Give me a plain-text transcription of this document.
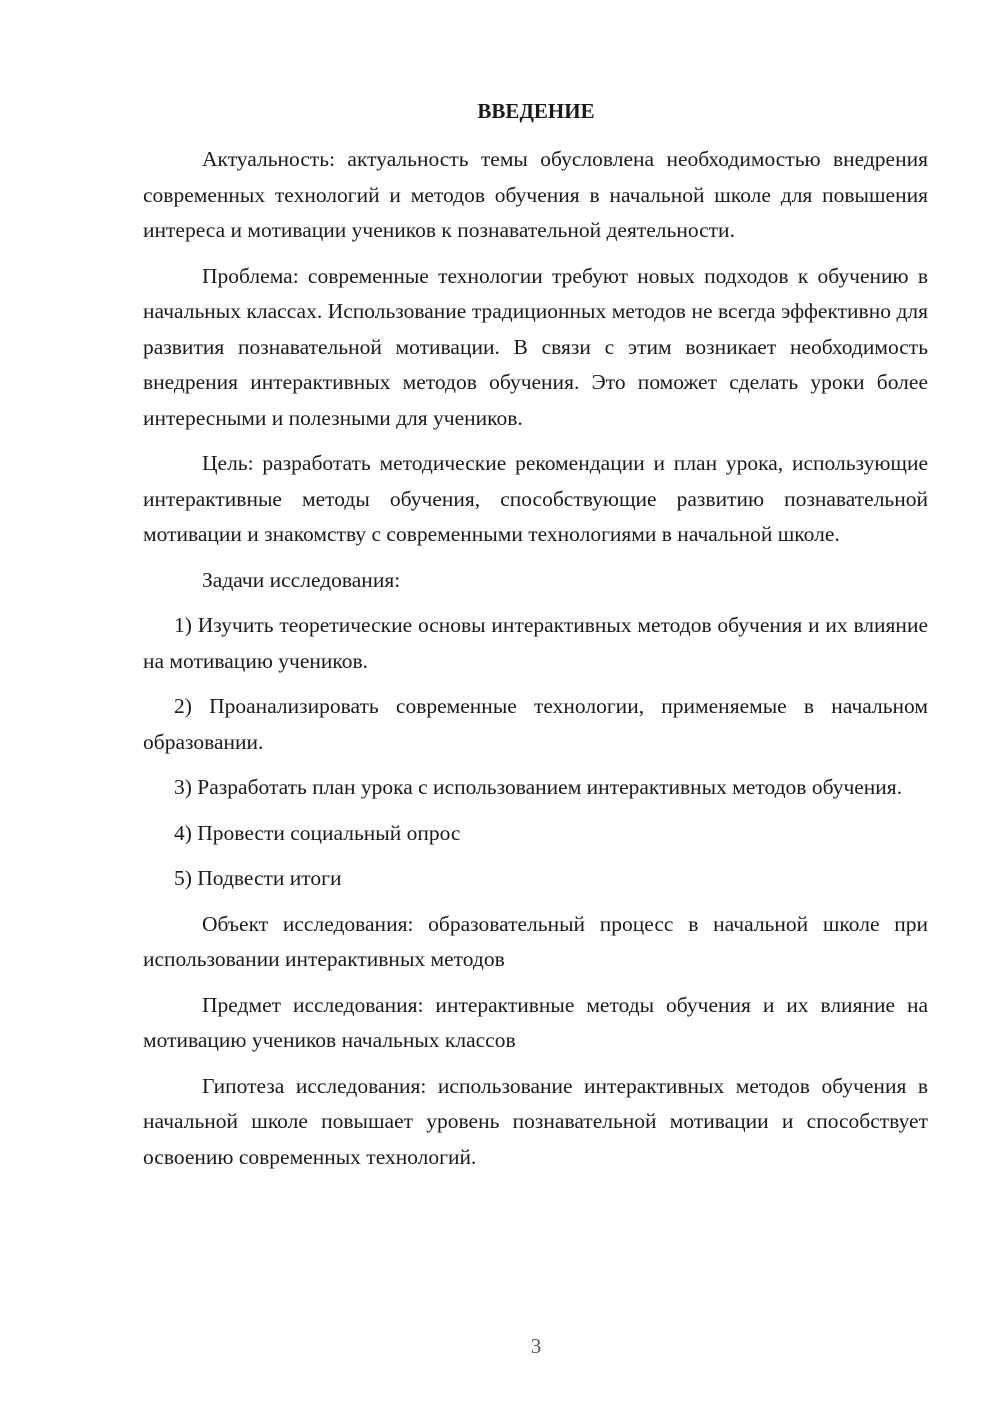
ВВЕДЕНИЕ

Актуальность: актуальность темы обусловлена необходимостью внедрения современных технологий и методов обучения в начальной школе для повышения интереса и мотивации учеников к познавательной деятельности.

Проблема: современные технологии требуют новых подходов к обучению в начальных классах. Использование традиционных методов не всегда эффективно для развития познавательной мотивации. В связи с этим возникает необходимость внедрения интерактивных методов обучения. Это поможет сделать уроки более интересными и полезными для учеников.

Цель: разработать методические рекомендации и план урока, использующие интерактивные методы обучения, способствующие развитию познавательной мотивации и знакомству с современными технологиями в начальной школе.

Задачи исследования:

1) Изучить теоретические основы интерактивных методов обучения и их влияние на мотивацию учеников.

2) Проанализировать современные технологии, применяемые в начальном образовании.

3) Разработать план урока с использованием интерактивных методов обучения.

4) Провести социальный опрос

5) Подвести итоги

Объект исследования: образовательный процесс в начальной школе при использовании интерактивных методов

Предмет исследования: интерактивные методы обучения и их влияние на мотивацию учеников начальных классов

Гипотеза исследования: использование интерактивных методов обучения в начальной школе повышает уровень познавательной мотивации и способствует освоению современных технологий.

3
